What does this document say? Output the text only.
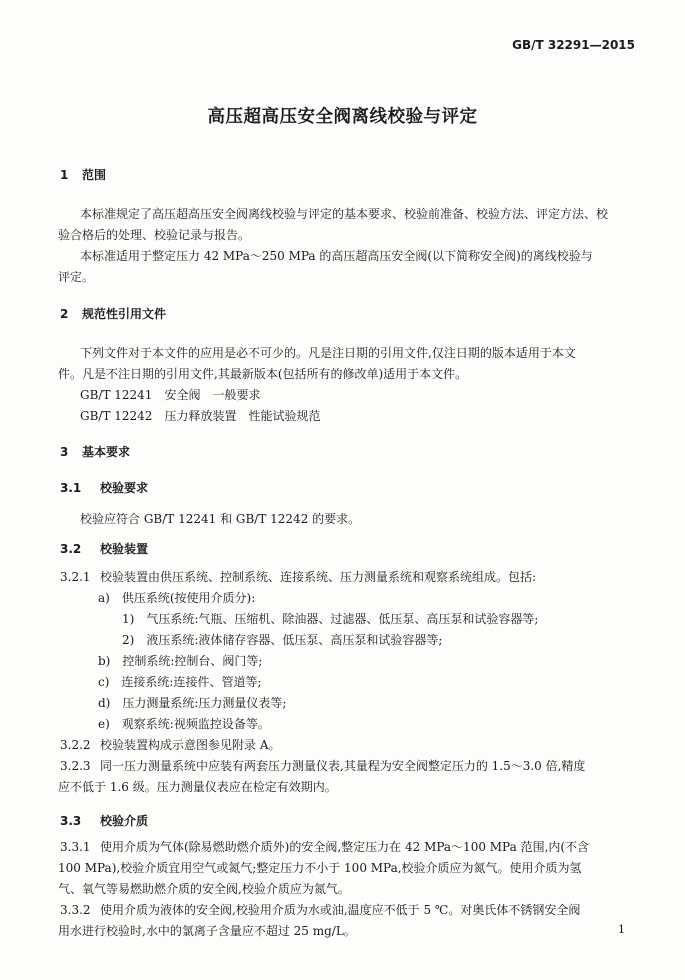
GB/T 32291—2015
高压超高压安全阀离线校验与评定
1 范围
本标准规定了高压超高压安全阀离线校验与评定的基本要求、校验前准备、校验方法、评定方法、校
验合格后的处理、校验记录与报告。
本标准适用于整定压力 42 MPa～250 MPa 的高压超高压安全阀(以下简称安全阀)的离线校验与
评定。
2 规范性引用文件
下列文件对于本文件的应用是必不可少的。凡是注日期的引用文件,仅注日期的版本适用于本文
件。凡是不注日期的引用文件,其最新版本(包括所有的修改单)适用于本文件。
GB/T 12241　安全阀　一般要求
GB/T 12242　压力释放装置　性能试验规范
3 基本要求
3.1 校验要求
校验应符合 GB/T 12241 和 GB/T 12242 的要求。
3.2 校验装置
3.2.1 校验装置由供压系统、控制系统、连接系统、压力测量系统和观察系统组成。包括:
a)　供压系统(按使用介质分):
1)　气压系统:气瓶、压缩机、除油器、过滤器、低压泵、高压泵和试验容器等;
2)　液压系统:液体储存容器、低压泵、高压泵和试验容器等;
b)　控制系统:控制台、阀门等;
c)　连接系统:连接件、管道等;
d)　压力测量系统:压力测量仪表等;
e)　观察系统:视频监控设备等。
3.2.2 校验装置构成示意图参见附录 A。
3.2.3 同一压力测量系统中应装有两套压力测量仪表,其量程为安全阀整定压力的 1.5～3.0 倍,精度
应不低于 1.6 级。压力测量仪表应在检定有效期内。
3.3 校验介质
3.3.1 使用介质为气体(除易燃助燃介质外)的安全阀,整定压力在 42 MPa～100 MPa 范围,内(不含
100 MPa),校验介质宜用空气或氮气;整定压力不小于 100 MPa,校验介质应为氮气。使用介质为氢
气、氧气等易燃助燃介质的安全阀,校验介质应为氮气。
3.3.2 使用介质为液体的安全阀,校验用介质为水或油,温度应不低于 5 ℃。对奥氏体不锈钢安全阀
用水进行校验时,水中的氯离子含量应不超过 25 mg/L。	1
